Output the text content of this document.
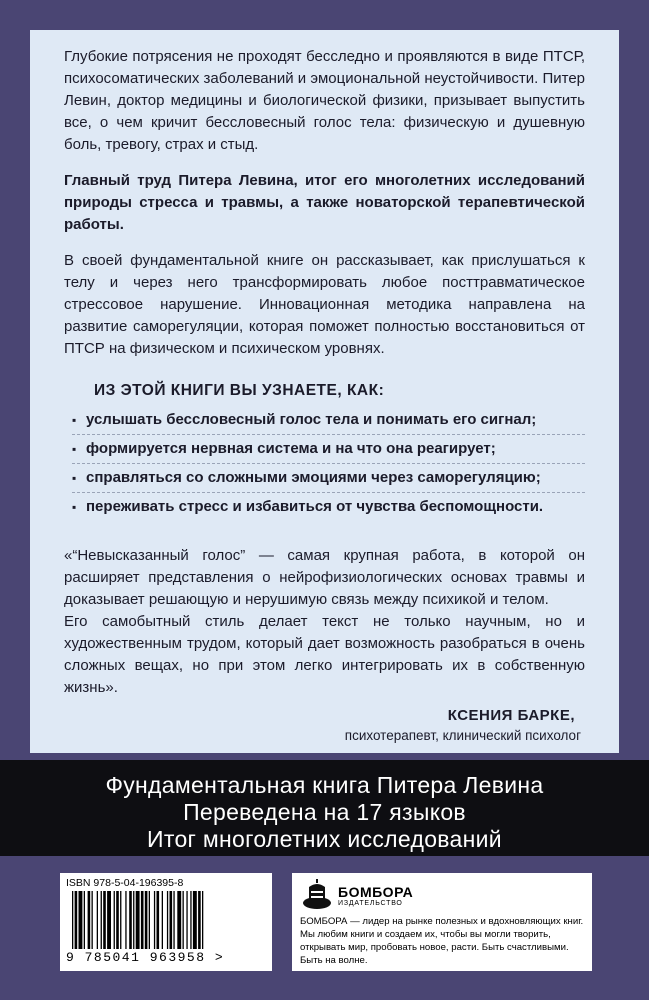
Глубокие потрясения не проходят бесследно и проявляются в виде ПТСР, психосоматических заболеваний и эмоциональной неустойчивости. Питер Левин, доктор медицины и биологической физики, призывает выпустить все, о чем кричит бессловесный голос тела: физическую и душевную боль, тревогу, страх и стыд.

Главный труд Питера Левина, итог его многолетних исследований природы стресса и травмы, а также новаторской терапевтической работы.

В своей фундаментальной книге он рассказывает, как прислушаться к телу и через него трансформировать любое посттравматическое стрессовое нарушение. Инновационная методика направлена на развитие саморегуляции, которая поможет полностью восстановиться от ПТСР на физическом и психическом уровнях.

ИЗ ЭТОЙ КНИГИ ВЫ УЗНАЕТЕ, КАК:
▪ услышать бессловесный голос тела и понимать его сигнал;
▪ формируется нервная система и на что она реагирует;
▪ справляться со сложными эмоциями через саморегуляцию;
▪ переживать стресс и избавиться от чувства беспомощности.

«“Невысказанный голос” — самая крупная работа, в которой он расширяет представления о нейрофизиологических основах травмы и доказывает решающую и нерушимую связь между психикой и телом.

Его самобытный стиль делает текст не только научным, но и художественным трудом, который дает возможность разобраться в очень сложных вещах, но при этом легко интегрировать их в собственную жизнь».

КСЕНИЯ БАРКЕ,
психотерапевт, клинический психолог
Фундаментальная книга Питера Левина
Переведена на 17 языков
Итог многолетних исследований
ISBN 978-5-04-196395-8
9 785041 963958 >
БОМБОРА
ИЗДАТЕЛЬСТВО
БОМБОРА — лидер на рынке полезных и вдохновляющих книг. Мы любим книги и создаем их, чтобы вы могли творить, открывать мир, пробовать новое, расти. Быть счастливыми. Быть на волне.
